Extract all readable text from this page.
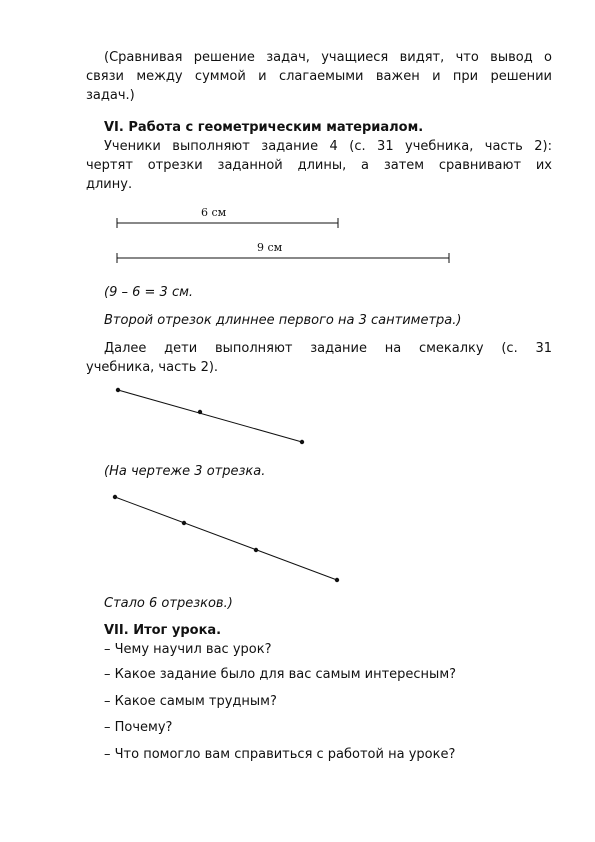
(Сравнивая решение задач, учащиеся видят, что вывод о
связи между суммой и слагаемыми важен и при решении
задач.)
VI. Работа с геометрическим материалом.
Ученики выполняют задание 4 (с. 31 учебника, часть 2):
чертят отрезки заданной длины, а затем сравнивают их
длину.
6 см
9 см
(9 – 6 = 3 см.
Второй отрезок длиннее первого на 3 сантиметра.)
Далее дети выполняют задание на смекалку (с. 31
учебника, часть 2).
(На чертеже 3 отрезка.
Стало 6 отрезков.)
VII. Итог урока.
– Чему научил вас урок?
– Какое задание было для вас самым интересным?
– Какое самым трудным?
– Почему?
– Что помогло вам справиться с работой на уроке?
